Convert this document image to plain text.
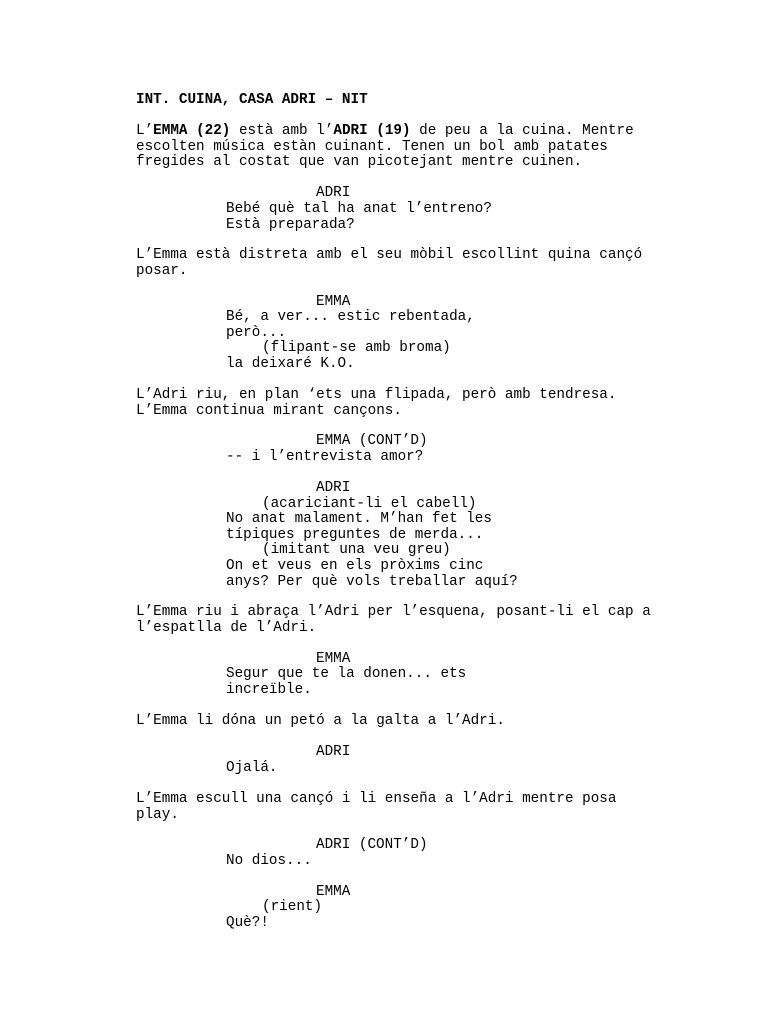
INT. CUINA, CASA ADRI – NIT

L’EMMA (22) està amb l’ADRI (19) de peu a la cuina. Mentre
escolten música estàn cuinant. Tenen un bol amb patates
fregides al costat que van picotejant mentre cuinen.

ADRI

Bebé què tal ha anat l’entreno?
Està preparada?

L’Emma està distreta amb el seu mòbil escollint quina cançó
posar.

EMMA

Bé, a ver... estic rebentada,
però...

(flipant-se amb broma)

la deixaré K.O.

L’Adri riu, en plan ‘ets una flipada, però amb tendresa.
L’Emma continua mirant cançons.

EMMA (CONT’D)

-- i l’entrevista amor?

ADRI

(acariciant-li el cabell)

No anat malament. M’han fet les
típiques preguntes de merda...

(imitant una veu greu)

On et veus en els pròxims cinc
anys? Per què vols treballar aquí?

L’Emma riu i abraça l’Adri per l’esquena, posant-li el cap a
l’espatlla de l’Adri.

EMMA

Segur que te la donen... ets
increïble.

L’Emma li dóna un petó a la galta a l’Adri.

ADRI

Ojalá.

L’Emma escull una cançó i li enseña a l’Adri mentre posa
play.

ADRI (CONT’D)

No dios...

EMMA

(rient)

Què?!
